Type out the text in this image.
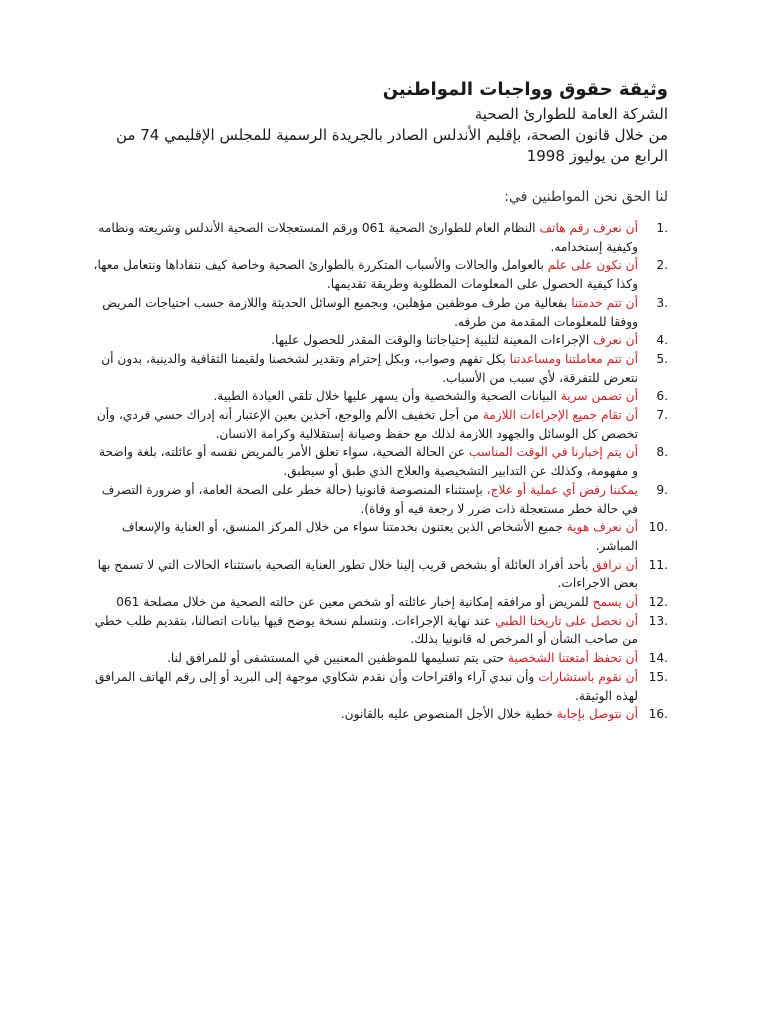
وثيقة حقوق وواجبات المواطنين

الشركة العامة للطوارئ الصحية

من خلال قانون الصحة، بإقليم الأندلس الصادر بالجريدة الرسمية للمجلس الإقليمي 74 من الرابع من يوليوز 1998

لنا الحق نحن المواطنين في:

1.
أن نعرف رقم هاتف النظام العام للطوارئ الصحية 061 ورقم المستعجلات الصحية الأندلس وشريعته ونظامه وكيفية إستخدامه.
2.
أن نكون على علم بالعوامل والحالات والأسباب المتكررة بالطوارئ الصحية وخاصة كيف نتفاداها ونتعامل معها، وكذا كيفية الحصول على المعلومات المطلوبة وطريقة تقديمها.
3.
أن تتم خدمتنا بفعالية من طرف موظفين مؤهلين، وبجميع الوسائل الحديثة واللازمة حسب احتياجات المريض ووفقا للمعلومات المقدمة من طرفه.
4.
أن نعرف الإجراءات المعينة لتلبية إحتياجاتنا والوقت المقدر للحصول عليها.
5.
أن تتم معاملتنا ومساعدتنا بكل تفهم وصواب، وبكل إحترام وتقدير لشخصنا ولقيمنا الثقافية والدينية، بدون أن نتعرض للتفرقة، لأي سبب من الأسباب.
6.
أن تضمن سرية البيانات الصحية والشخصية وأن يسهر عليها خلال تلقي العيادة الطبية.
7.
أن تقام جميع الإجراءات اللازمة من أجل تخفيف الألم والوجع، آخذين بعين الإعتبار أنه إدراك حسي فردي، وأن تخصص كل الوسائل والجهود اللازمة لذلك مع حفظ وصيانة إستقلالية وكرامة الانسان.
8.
أن يتم إخبارنا في الوقت المناسب عن الحالة الصحية، سواء تعلق الأمر بالمريض نفسه أو عائلته، بلغة واضحة و مفهومة، وكذلك عن التدابير التشخيصية والعلاج الذي طبق أو سيطبق.
9.
يمكننا رفض أي عملية أو علاج، بإستثناء المنصوصة قانونيا (حالة خطر على الصحة العامة، أو ضرورة التصرف في حالة خطر مستعجلة ذات ضرر لا رجعة فيه أو وفاة).
10.
أن نعرف هوية جميع الأشخاص الذين يعتنون بخدمتنا سواء من خلال المركز المنسق، أو العناية والإسعاف المباشر.
11.
أن نرافق بأحد أفراد العائلة أو بشخص قريب إلينا خلال تطور العناية الصحية باستثناء الحالات التي لا تسمح بها بعض الاجراءات.
12.
أن يسمح للمريض أو مرافقه إمكانية إخبار عائلته أو شخص معين عن حالته الصحية من خلال مصلحة 061
13.
أن نحصل على تاريخنا الطبي عند نهاية الإجراءات. ونتسلم نسخة يوضح فيها بيانات اتصالنا، بتقديم طلب خطي من صاحب الشأن أو المرخص له قانونيا بذلك.
14.
أن تحفظ أمتعتنا الشخصية حتى يتم تسليمها للموظفين المعنيين في المستشفى أو للمرافق لنا.
15.
أن نقوم باستشارات وأن نبدي آراء واقتراحات وأن نقدم شكاوي موجهة إلى البريد أو إلى رقم الهاتف المرافق لهذه الوثيقة.
16.
أن نتوصل بإجابة خطية خلال الأجل المنصوص عليه بالقانون.
